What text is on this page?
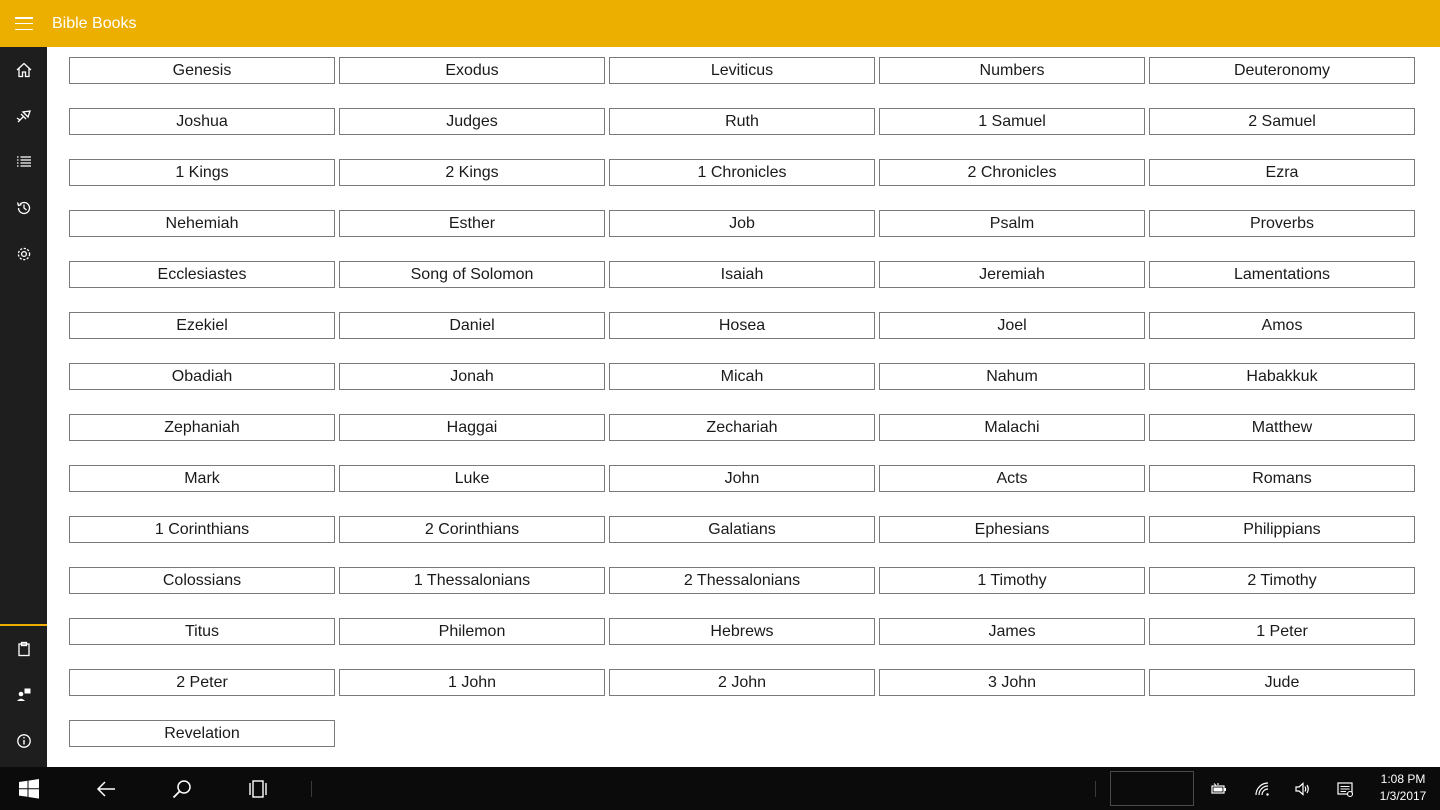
Bible Books
Genesis	Exodus	Leviticus	Numbers	Deuteronomy
Joshua	Judges	Ruth	1 Samuel	2 Samuel
1 Kings	2 Kings	1 Chronicles	2 Chronicles	Ezra
Nehemiah	Esther	Job	Psalm	Proverbs
Ecclesiastes	Song of Solomon	Isaiah	Jeremiah	Lamentations
Ezekiel	Daniel	Hosea	Joel	Amos
Obadiah	Jonah	Micah	Nahum	Habakkuk
Zephaniah	Haggai	Zechariah	Malachi	Matthew
Mark	Luke	John	Acts	Romans
1 Corinthians	2 Corinthians	Galatians	Ephesians	Philippians
Colossians	1 Thessalonians	2 Thessalonians	1 Timothy	2 Timothy
Titus	Philemon	Hebrews	James	1 Peter
2 Peter	1 John	2 John	3 John	Jude
Revelation
1:08 PM
1/3/2017
